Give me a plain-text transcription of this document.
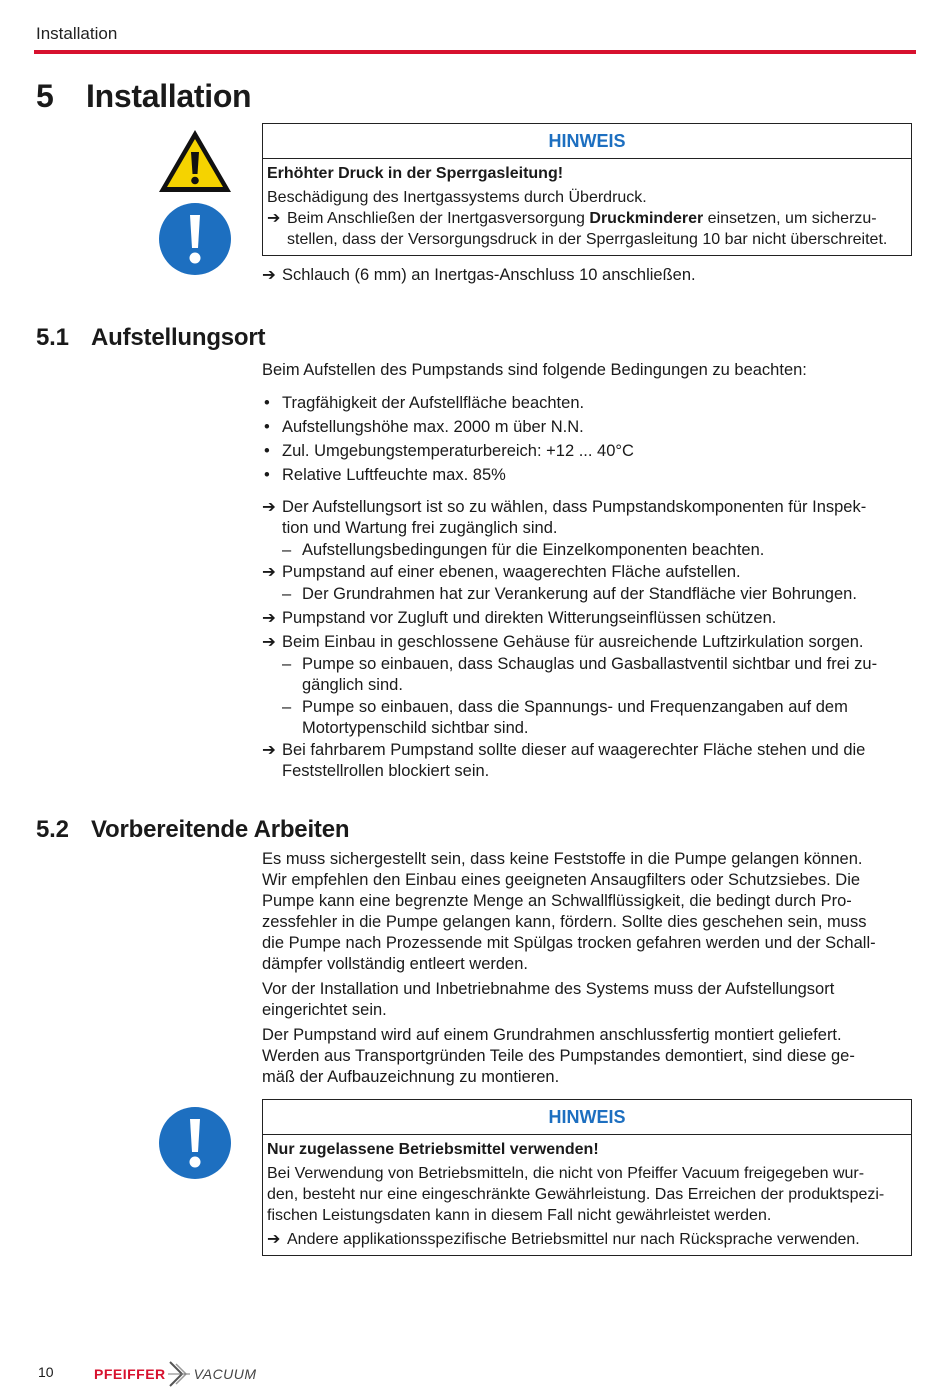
Installation
5 Installation
HINWEIS
Erhöhter Druck in der Sperrgasleitung!
Beschädigung des Inertgassystems durch Überdruck.
➔ Beim Anschließen der Inertgasversorgung Druckminderer einsetzen, um sicherzu-
stellen, dass der Versorgungsdruck in der Sperrgasleitung 10 bar nicht überschreitet.
➔ Schlauch (6 mm) an Inertgas-Anschluss 10 anschließen.
5.1 Aufstellungsort
Beim Aufstellen des Pumpstands sind folgende Bedingungen zu beachten:
• Tragfähigkeit der Aufstellfläche beachten.
• Aufstellungshöhe max. 2000 m über N.N.
• Zul. Umgebungstemperaturbereich: +12 ... 40°C
• Relative Luftfeuchte max. 85%
➔ Der Aufstellungsort ist so zu wählen, dass Pumpstandskomponenten für Inspek-
tion und Wartung frei zugänglich sind.
– Aufstellungsbedingungen für die Einzelkomponenten beachten.
➔ Pumpstand auf einer ebenen, waagerechten Fläche aufstellen.
– Der Grundrahmen hat zur Verankerung auf der Standfläche vier Bohrungen.
➔ Pumpstand vor Zugluft und direkten Witterungseinflüssen schützen.
➔ Beim Einbau in geschlossene Gehäuse für ausreichende Luftzirkulation sorgen.
– Pumpe so einbauen, dass Schauglas und Gasballastventil sichtbar und frei zu-
gänglich sind.
– Pumpe so einbauen, dass die Spannungs- und Frequenzangaben auf dem
Motortypenschild sichtbar sind.
➔ Bei fahrbarem Pumpstand sollte dieser auf waagerechter Fläche stehen und die
Feststellrollen blockiert sein.
5.2 Vorbereitende Arbeiten
Es muss sichergestellt sein, dass keine Feststoffe in die Pumpe gelangen können.
Wir empfehlen den Einbau eines geeigneten Ansaugfilters oder Schutzsiebes. Die
Pumpe kann eine begrenzte Menge an Schwallflüssigkeit, die bedingt durch Pro-
zessfehler in die Pumpe gelangen kann, fördern. Sollte dies geschehen sein, muss
die Pumpe nach Prozessende mit Spülgas trocken gefahren werden und der Schall-
dämpfer vollständig entleert werden.
Vor der Installation und Inbetriebnahme des Systems muss der Aufstellungsort
eingerichtet sein.
Der Pumpstand wird auf einem Grundrahmen anschlussfertig montiert geliefert.
Werden aus Transportgründen Teile des Pumpstandes demontiert, sind diese ge-
mäß der Aufbauzeichnung zu montieren.
HINWEIS
Nur zugelassene Betriebsmittel verwenden!
Bei Verwendung von Betriebsmitteln, die nicht von Pfeiffer Vacuum freigegeben wur-
den, besteht nur eine eingeschränkte Gewährleistung. Das Erreichen der produktspezi-
fischen Leistungsdaten kann in diesem Fall nicht gewährleistet werden.
➔ Andere applikationsspezifische Betriebsmittel nur nach Rücksprache verwenden.
10	PFEIFFER VACUUM
